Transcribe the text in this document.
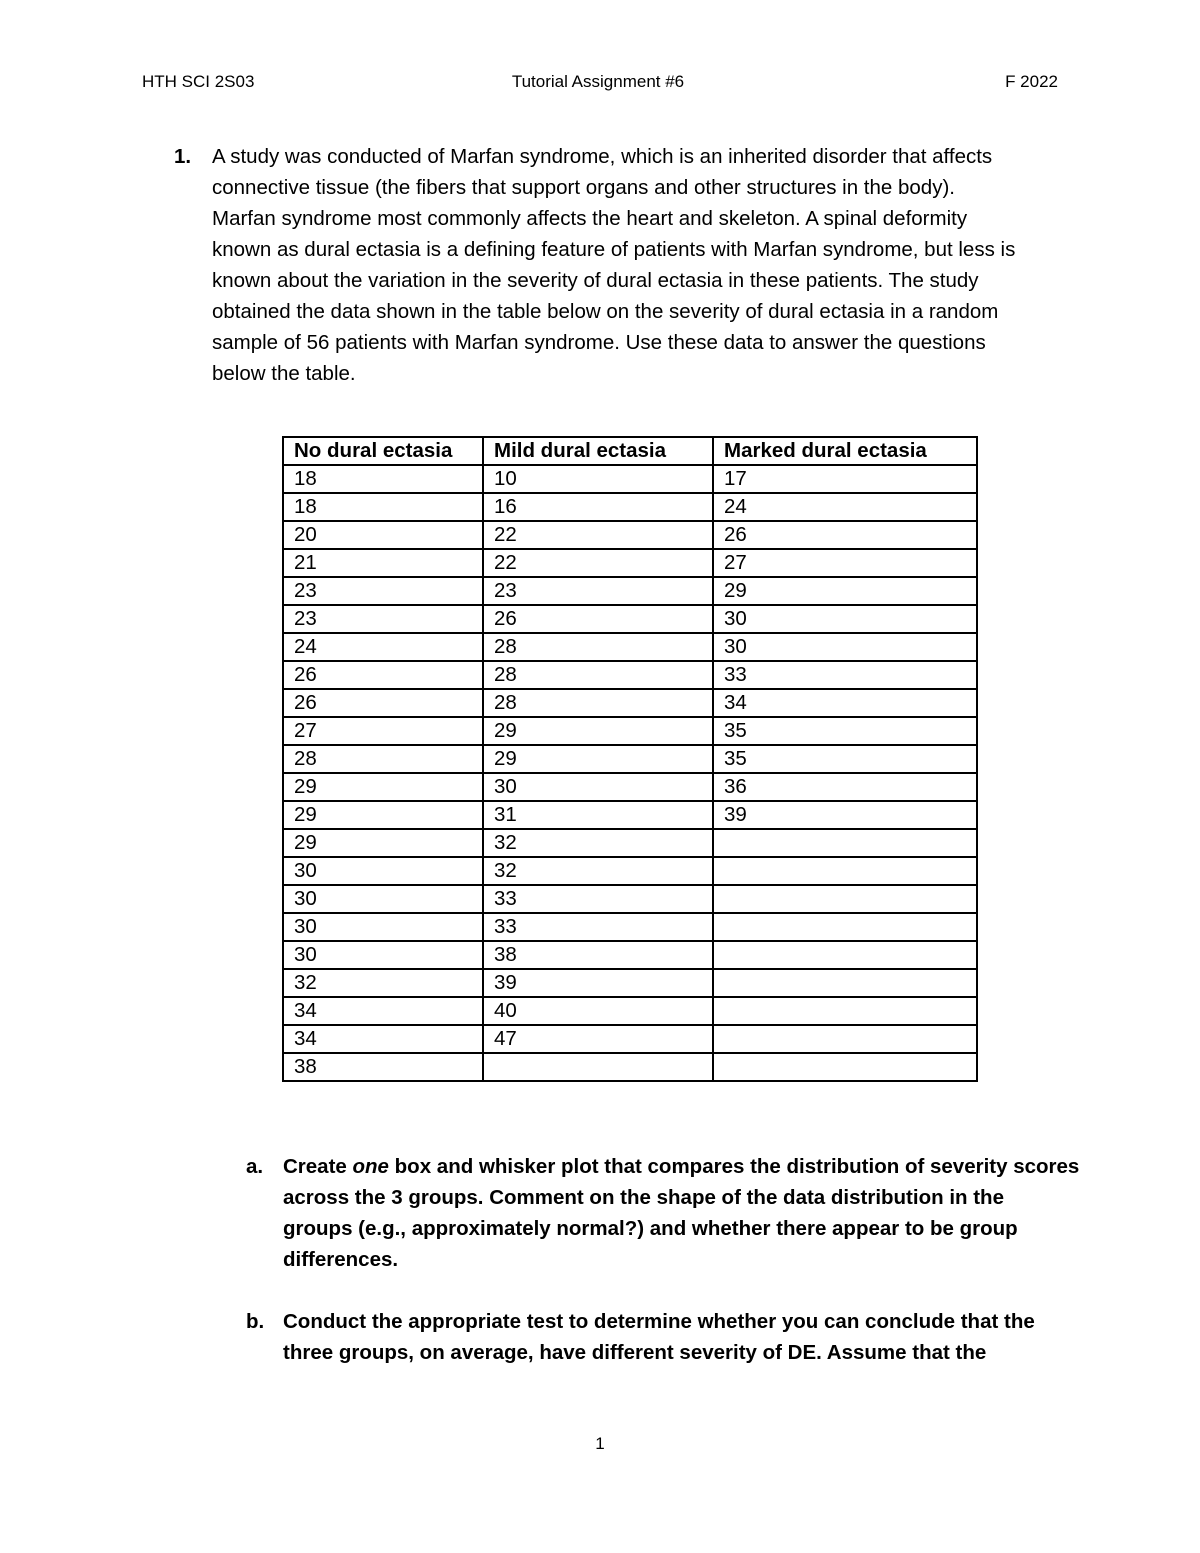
HTH SCI 2S03	Tutorial Assignment #6	F 2022
1. A study was conducted of Marfan syndrome, which is an inherited disorder that affects
connective tissue (the fibers that support organs and other structures in the body).
Marfan syndrome most commonly affects the heart and skeleton. A spinal deformity
known as dural ectasia is a defining feature of patients with Marfan syndrome, but less is
known about the variation in the severity of dural ectasia in these patients. The study
obtained the data shown in the table below on the severity of dural ectasia in a random
sample of 56 patients with Marfan syndrome. Use these data to answer the questions
below the table.
No dural ectasia	Mild dural ectasia	Marked dural ectasia
18	10	17
18	16	24
20	22	26
21	22	27
23	23	29
23	26	30
24	28	30
26	28	33
26	28	34
27	29	35
28	29	35
29	30	36
29	31	39
29	32	
30	32	
30	33	
30	33	
30	38	
32	39	
34	40	
34	47	
38		
a. Create one box and whisker plot that compares the distribution of severity scores
across the 3 groups. Comment on the shape of the data distribution in the
groups (e.g., approximately normal?) and whether there appear to be group
differences.
b. Conduct the appropriate test to determine whether you can conclude that the
three groups, on average, have different severity of DE. Assume that the
1
